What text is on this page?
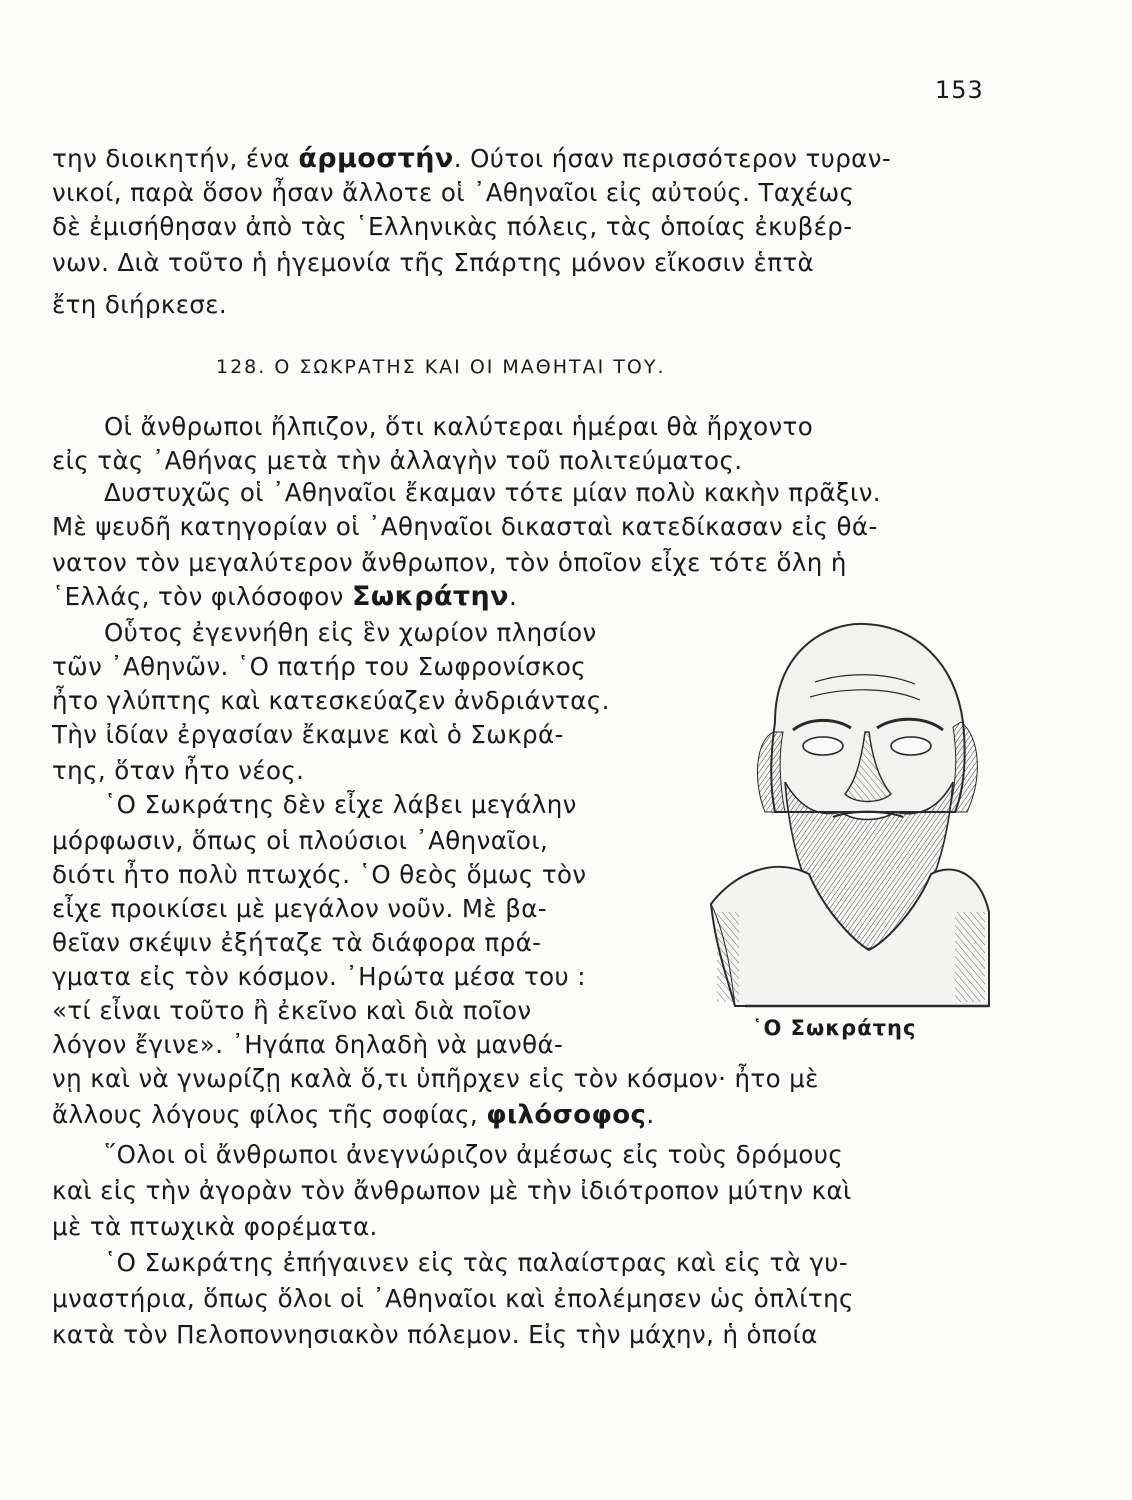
153
την διοικητήν, ένα άρμοστήν. Ούτοι ήσαν περισσότερον τυραν-
νικοί, παρὰ ὅσον ἦσαν ἄλλοτε οἱ ᾿Αθηναῖοι εἰς αὐτούς. Ταχέως
δὲ ἐμισήθησαν ἀπὸ τὰς ῾Ελληνικὰς πόλεις, τὰς ὁποίας ἐκυβέρ-
νων. Διὰ τοῦτο ἡ ἡγεμονία τῆς Σπάρτης μόνον εἴκοσιν ἑπτὰ
ἔτη διήρκεσε.
128. Ο ΣΩΚΡΑΤΗΣ ΚΑΙ ΟΙ ΜΑΘΗΤΑΙ ΤΟΥ.
Οἱ ἄνθρωποι ἤλπιζον, ὅτι καλύτεραι ἡμέραι θὰ ἤρχοντο
εἰς τὰς ᾿Αθήνας μετὰ τὴν ἀλλαγὴν τοῦ πολιτεύματος.
Δυστυχῶς οἱ ᾿Αθηναῖοι ἔκαμαν τότε μίαν πολὺ κακὴν πρᾶξιν.
Μὲ ψευδῆ κατηγορίαν οἱ ᾿Αθηναῖοι δικασταὶ κατεδίκασαν εἰς θά-
νατον τὸν μεγαλύτερον ἄνθρωπον, τὸν ὁποῖον εἶχε τότε ὅλη ἡ
῾Ελλάς, τὸν φιλόσοφον Σωκράτην.
Οὗτος ἐγεννήθη εἰς ἓν χωρίον πλησίον
τῶν ᾿Αθηνῶν. ῾Ο πατήρ του Σωφρονίσκος
ἦτο γλύπτης καὶ κατεσκεύαζεν ἀνδριάντας.
Τὴν ἰδίαν ἐργασίαν ἔκαμνε καὶ ὁ Σωκρά-
της, ὅταν ἦτο νέος.
῾Ο Σωκράτης δὲν εἶχε λάβει μεγάλην
μόρφωσιν, ὅπως οἱ πλούσιοι ᾿Αθηναῖοι,
διότι ἦτο πολὺ πτωχός. ῾Ο θεὸς ὅμως τὸν
εἶχε προικίσει μὲ μεγάλον νοῦν. Μὲ βα-
θεῖαν σκέψιν ἐξήταζε τὰ διάφορα πρά-
γματα εἰς τὸν κόσμον. ᾿Ηρώτα μέσα του :
«τί εἶναι τοῦτο ἢ ἐκεῖνο καὶ διὰ ποῖον
λόγον ἔγινε». ᾿Ηγάπα δηλαδὴ νὰ μανθά-
νῃ καὶ νὰ γνωρίζῃ καλὰ ὅ,τι ὑπῆρχεν εἰς τὸν κόσμον· ἦτο μὲ
ἄλλους λόγους φίλος τῆς σοφίας, φιλόσοφος.
῞Ολοι οἱ ἄνθρωποι ἀνεγνώριζον ἀμέσως εἰς τοὺς δρόμους
καὶ εἰς τὴν ἀγορὰν τὸν ἄνθρωπον μὲ τὴν ἰδιότροπον μύτην καὶ
μὲ τὰ πτωχικὰ φορέματα.
῾Ο Σωκράτης ἐπήγαινεν εἰς τὰς παλαίστρας καὶ εἰς τὰ γυ-
μναστήρια, ὅπως ὅλοι οἱ ᾿Αθηναῖοι καὶ ἐπολέμησεν ὡς ὁπλίτης
κατὰ τὸν Πελοποννησιακὸν πόλεμον. Εἰς τὴν μάχην, ἡ ὁποία
῾Ο Σωκράτης
